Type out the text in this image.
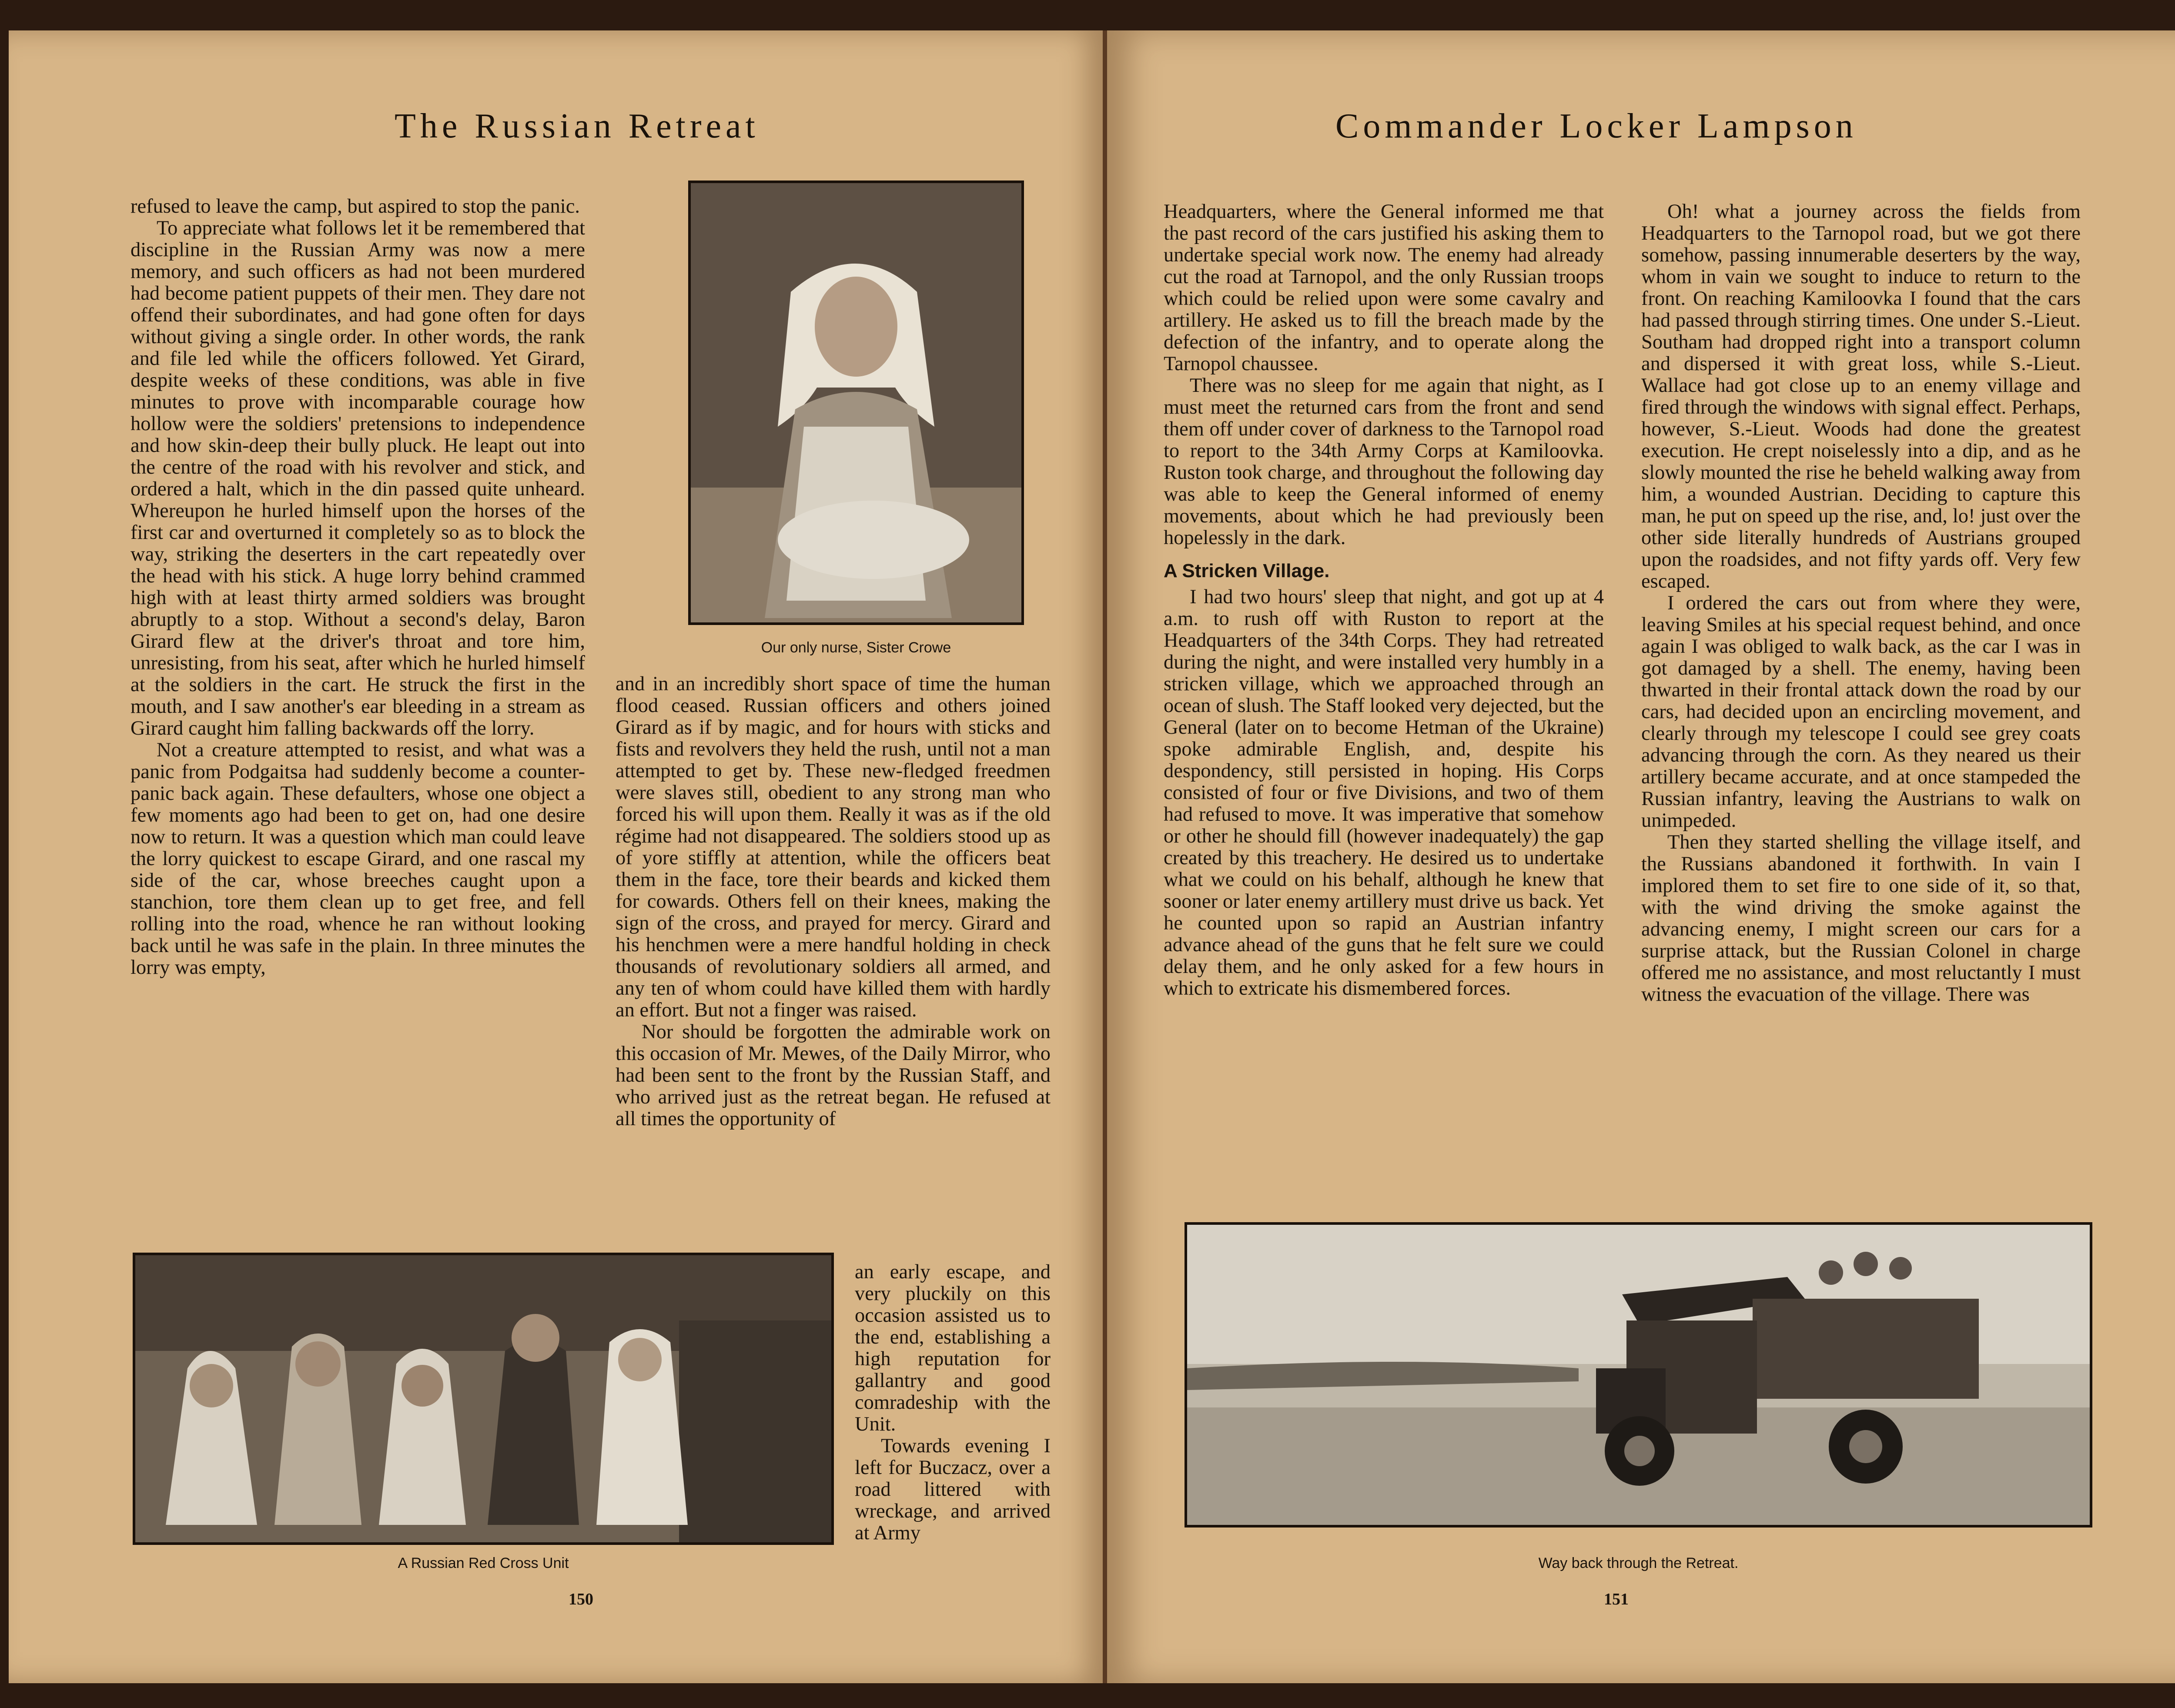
The Russian Retreat

refused to leave the camp, but aspired to stop the panic.

To appreciate what follows let it be remembered that discipline in the Russian Army was now a mere memory, and such officers as had not been murdered had become patient puppets of their men. They dare not offend their subordinates, and had gone often for days without giving a single order. In other words, the rank and file led while the officers followed. Yet Girard, despite weeks of these conditions, was able in five minutes to prove with incomparable courage how hollow were the soldiers' pretensions to independence and how skin-deep their bully pluck. He leapt out into the centre of the road with his revolver and stick, and ordered a halt, which in the din passed quite unheard. Whereupon he hurled himself upon the horses of the first car and overturned it completely so as to block the way, striking the deserters in the cart repeatedly over the head with his stick. A huge lorry behind crammed high with at least thirty armed soldiers was brought abruptly to a stop. Without a second's delay, Baron Girard flew at the driver's throat and tore him, unresisting, from his seat, after which he hurled himself at the soldiers in the cart. He struck the first in the mouth, and I saw another's ear bleeding in a stream as Girard caught him falling backwards off the lorry.

Not a creature attempted to resist, and what was a panic from Podgaitsa had suddenly become a counter-panic back again. These defaulters, whose one object a few moments ago had been to get on, had one desire now to return. It was a question which man could leave the lorry quickest to escape Girard, and one rascal my side of the car, whose breeches caught upon a stanchion, tore them clean up to get free, and fell rolling into the road, whence he ran without looking back until he was safe in the plain. In three minutes the lorry was empty,

Our only nurse, Sister Crowe

and in an incredibly short space of time the human flood ceased. Russian officers and others joined Girard as if by magic, and for hours with sticks and fists and revolvers they held the rush, until not a man attempted to get by. These new-fledged freedmen were slaves still, obedient to any strong man who forced his will upon them. Really it was as if the old régime had not disappeared. The soldiers stood up as of yore stiffly at attention, while the officers beat them in the face, tore their beards and kicked them for cowards. Others fell on their knees, making the sign of the cross, and prayed for mercy. Girard and his henchmen were a mere handful holding in check thousands of revolutionary soldiers all armed, and any ten of whom could have killed them with hardly an effort. But not a finger was raised.

Nor should be forgotten the admirable work on this occasion of Mr. Mewes, of the Daily Mirror, who had been sent to the front by the Russian Staff, and who arrived just as the retreat began. He refused at all times the opportunity of

an early escape, and very pluckily on this occasion assisted us to the end, establishing a high reputation for gallantry and good comradeship with the Unit.

Towards evening I left for Buczacz, over a road littered with wreckage, and arrived at Army

A Russian Red Cross Unit
150
Commander Locker Lampson

Headquarters, where the General informed me that the past record of the cars justified his asking them to undertake special work now. The enemy had already cut the road at Tarnopol, and the only Russian troops which could be relied upon were some cavalry and artillery. He asked us to fill the breach made by the defection of the infantry, and to operate along the Tarnopol chaussee.

There was no sleep for me again that night, as I must meet the returned cars from the front and send them off under cover of darkness to the Tarnopol road to report to the 34th Army Corps at Kamiloovka. Ruston took charge, and throughout the following day was able to keep the General informed of enemy movements, about which he had previously been hopelessly in the dark.

A Stricken Village.

I had two hours' sleep that night, and got up at 4 a.m. to rush off with Ruston to report at the Headquarters of the 34th Corps. They had retreated during the night, and were installed very humbly in a stricken village, which we approached through an ocean of slush. The Staff looked very dejected, but the General (later on to become Hetman of the Ukraine) spoke admirable English, and, despite his despondency, still persisted in hoping. His Corps consisted of four or five Divisions, and two of them had refused to move. It was imperative that somehow or other he should fill (however inadequately) the gap created by this treachery. He desired us to undertake what we could on his behalf, although he knew that sooner or later enemy artillery must drive us back. Yet he counted upon so rapid an Austrian infantry advance ahead of the guns that he felt sure we could delay them, and he only asked for a few hours in which to extricate his dismembered forces.

Oh! what a journey across the fields from Headquarters to the Tarnopol road, but we got there somehow, passing innumerable deserters by the way, whom in vain we sought to induce to return to the front. On reaching Kamiloovka I found that the cars had passed through stirring times. One under S.-Lieut. Southam had dropped right into a transport column and dispersed it with great loss, while S.-Lieut. Wallace had got close up to an enemy village and fired through the windows with signal effect. Perhaps, however, S.-Lieut. Woods had done the greatest execution. He crept noiselessly into a dip, and as he slowly mounted the rise he beheld walking away from him, a wounded Austrian. Deciding to capture this man, he put on speed up the rise, and, lo! just over the other side literally hundreds of Austrians grouped upon the roadsides, and not fifty yards off. Very few escaped.

I ordered the cars out from where they were, leaving Smiles at his special request behind, and once again I was obliged to walk back, as the car I was in got damaged by a shell. The enemy, having been thwarted in their frontal attack down the road by our cars, had decided upon an encircling movement, and clearly through my telescope I could see grey coats advancing through the corn. As they neared us their artillery became accurate, and at once stampeded the Russian infantry, leaving the Austrians to walk on unimpeded.

Then they started shelling the village itself, and the Russians abandoned it forthwith. In vain I implored them to set fire to one side of it, so that, with the wind driving the smoke against the advancing enemy, I might screen our cars for a surprise attack, but the Russian Colonel in charge offered me no assistance, and most reluctantly I must witness the evacuation of the village. There was

Way back through the Retreat.
151
